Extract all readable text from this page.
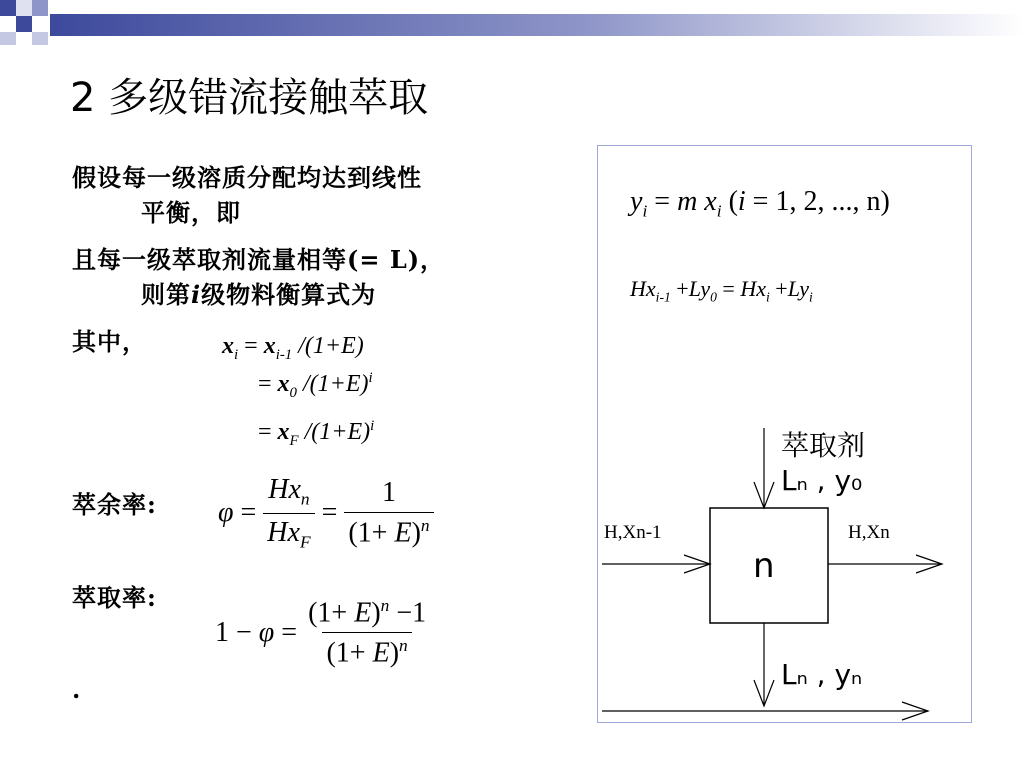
2 多级错流接触萃取
假设每一级溶质分配均达到线性
平衡，即
且每一级萃取剂流量相等(= L)，
则第i级物料衡算式为
其中，
萃余率:
萃取率:
.
$x_i = x_{i-1}$ /(1+E)
= $x_0$ $/(1+E)^i$
= $x_F$ $/(1+E)^i$
$\varphi = \frac{Hx_n}{Hx_F} = \frac{1}{(1+ E)^n}$
$1 - \varphi = \frac{(1+ E)^n -1}{(1+ E)^n}$
$y_i = m$ $x_i$ (i = 1, 2, ..., n)
$Hx_{i-1} +Ly_0 = Hx_i +Ly_i$
萃取剂
Lₙ , y₀
H,Xn-1	H,Xn
n
Lₙ , yₙ
